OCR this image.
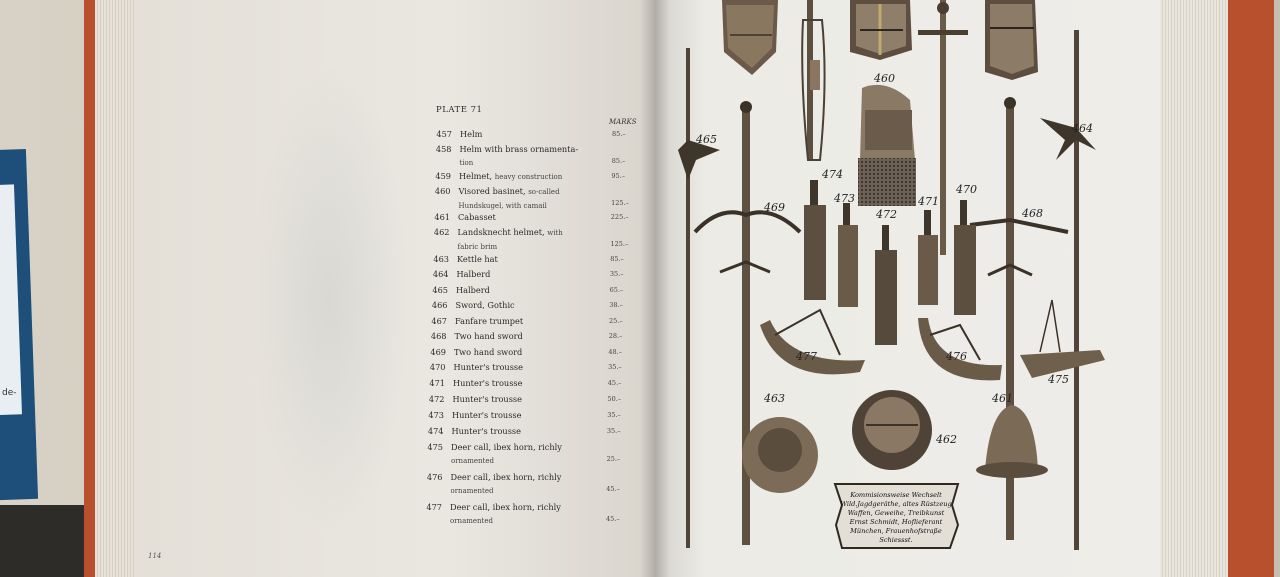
de-
PLATE 71
MARKS
457 Helm	85.–
458 Helm with brass ornamenta-
tion	85.–
459 Helmet, heavy construction	95.–
460 Visored basinet, so-called
Hundskugel, with camail	125.–
461 Cabasset	225.–
462 Landsknecht helmet, with
fabric brim	125.–
463 Kettle hat	85.–
464 Halberd	35.–
465 Halberd	65.–
466 Sword, Gothic	38.–
467 Fanfare trumpet	25.–
468 Two hand sword	28.–
469 Two hand sword	48.–
470 Hunter's trousse	35.–
471 Hunter's trousse	45.–
472 Hunter's trousse	50.–
473 Hunter's trousse	35.–
474 Hunter's trousse	35.–
475 Deer call, ibex horn, richly
ornamented	25.–
476 Deer call, ibex horn, richly
ornamented	45.–
477 Deer call, ibex horn, richly
ornamented	45.–
114
Kommisionsweise Wechselt
Wild.Jagdgeräthe, altes Rüstzeug
Waffen, Geweihe, Treibkunst
Ernst Schmidt, Hoflieferant
München, Frauenhofstraße
Schiessst.
460
474
473
472
471
470
469	468
465
464
477	476
475
463
462
461
